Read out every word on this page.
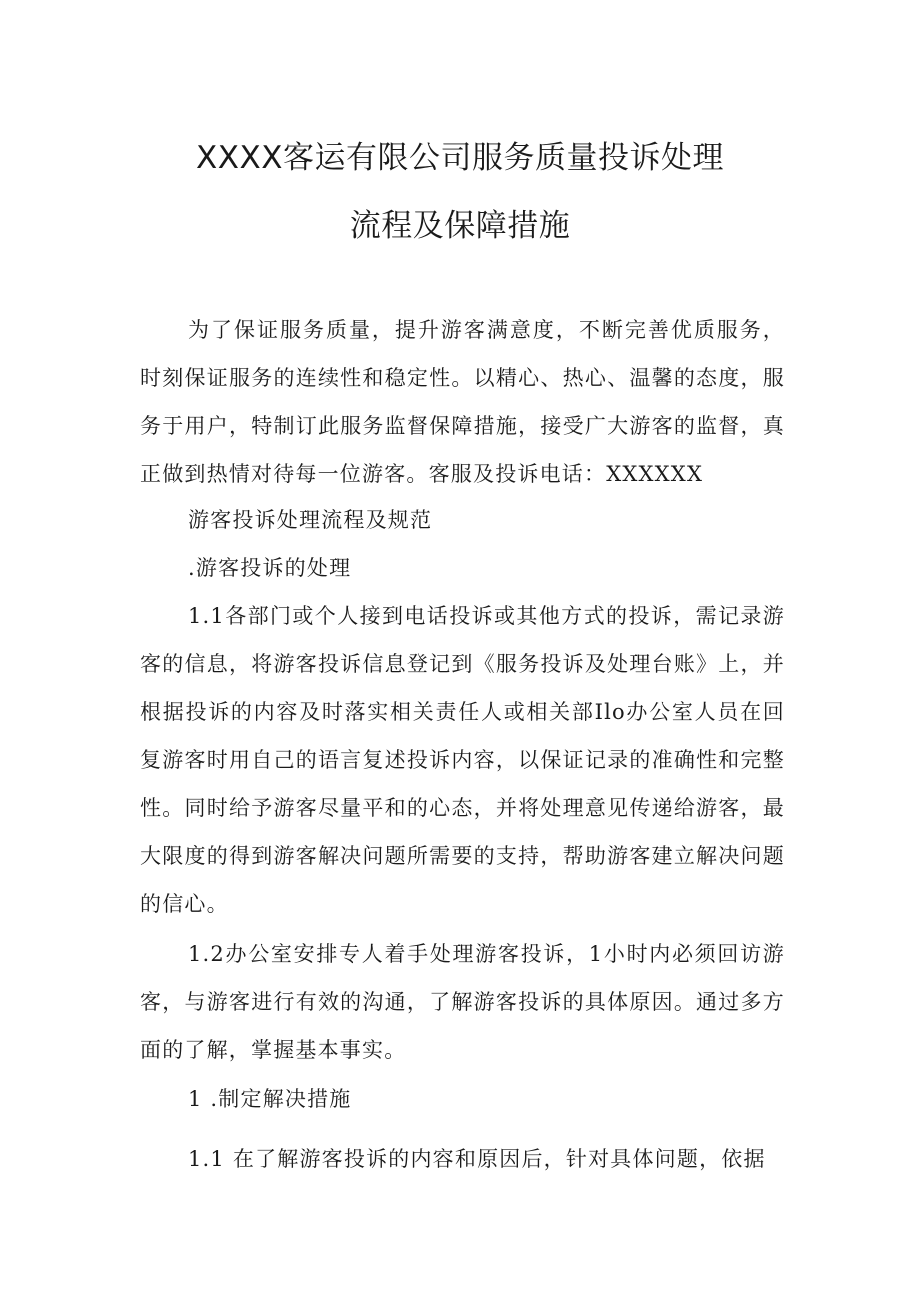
XXXX客运有限公司服务质量投诉处理
流程及保障措施

为了保证服务质量，提升游客满意度，不断完善优质服务，时刻保证服务的连续性和稳定性。以精心、热心、温馨的态度，服务于用户，特制订此服务监督保障措施，接受广大游客的监督，真正做到热情对待每一位游客。客服及投诉电话：XXXXXX

游客投诉处理流程及规范

.游客投诉的处理

1.1各部门或个人接到电话投诉或其他方式的投诉，需记录游客的信息，将游客投诉信息登记到《服务投诉及处理台账》上，并根据投诉的内容及时落实相关责任人或相关部Ilo办公室人员在回复游客时用自己的语言复述投诉内容，以保证记录的准确性和完整性。同时给予游客尽量平和的心态，并将处理意见传递给游客，最大限度的得到游客解决问题所需要的支持，帮助游客建立解决问题的信心。

1.2办公室安排专人着手处理游客投诉，1小时内必须回访游客，与游客进行有效的沟通，了解游客投诉的具体原因。通过多方面的了解，掌握基本事实。

1 .制定解决措施

1.1 在了解游客投诉的内容和原因后，针对具体问题，依据
